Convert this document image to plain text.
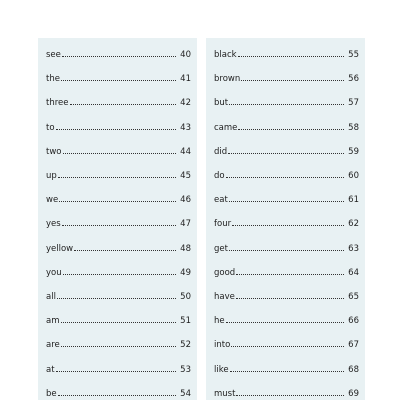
see	40
the	41
three	42
to	43
two	44
up	45
we	46
yes	47
yellow	48
you	49
all	50
am	51
are	52
at	53
be	54
black	55
brown	56
but	57
came	58
did	59
do	60
eat	61
four	62
get	63
good	64
have	65
he	66
into	67
like	68
must	69
